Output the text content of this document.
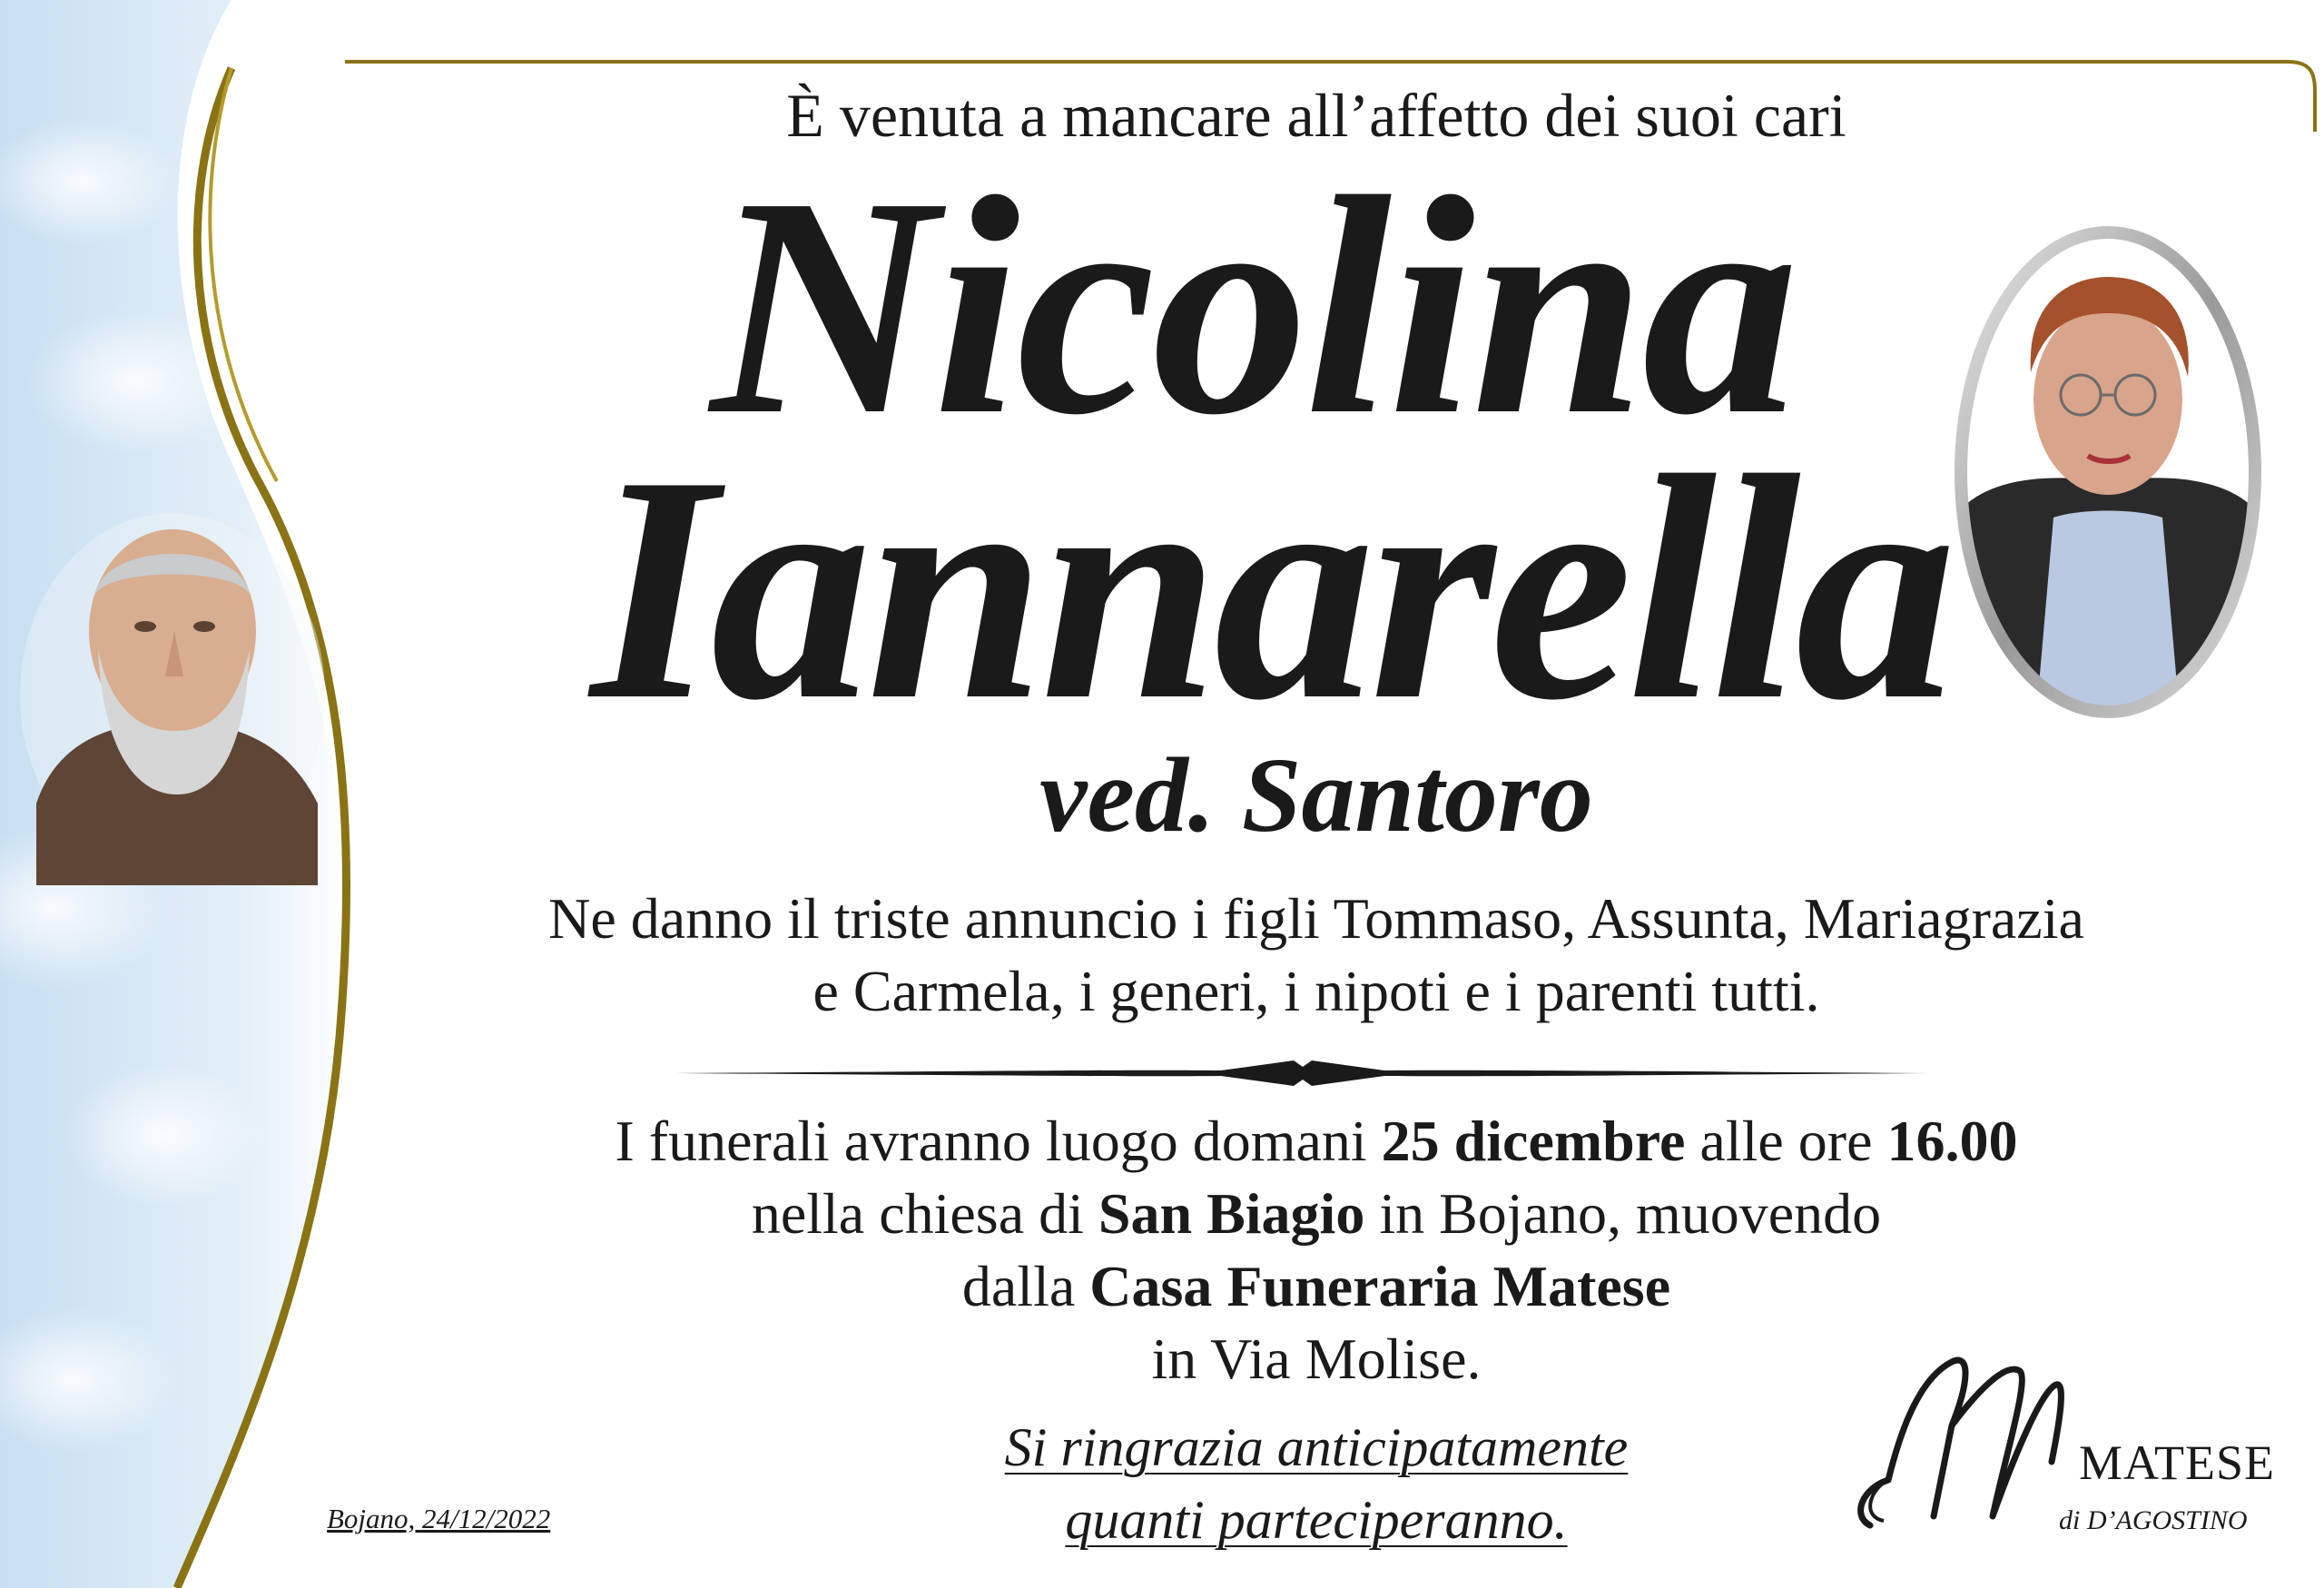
È venuta a mancare all’affetto dei suoi cari
Nicolina
Iannarella
ved. Santoro
Ne danno il triste annuncio i figli Tommaso, Assunta, Mariagrazia
e Carmela, i generi, i nipoti e i parenti tutti.
I funerali avranno luogo domani 25 dicembre alle ore 16.00
nella chiesa di San Biagio in Bojano, muovendo
dalla Casa Funeraria Matese
in Via Molise.
Si ringrazia anticipatamente
quanti parteciperanno.
Bojano, 24/12/2022
MATESE
di D’AGOSTINO
